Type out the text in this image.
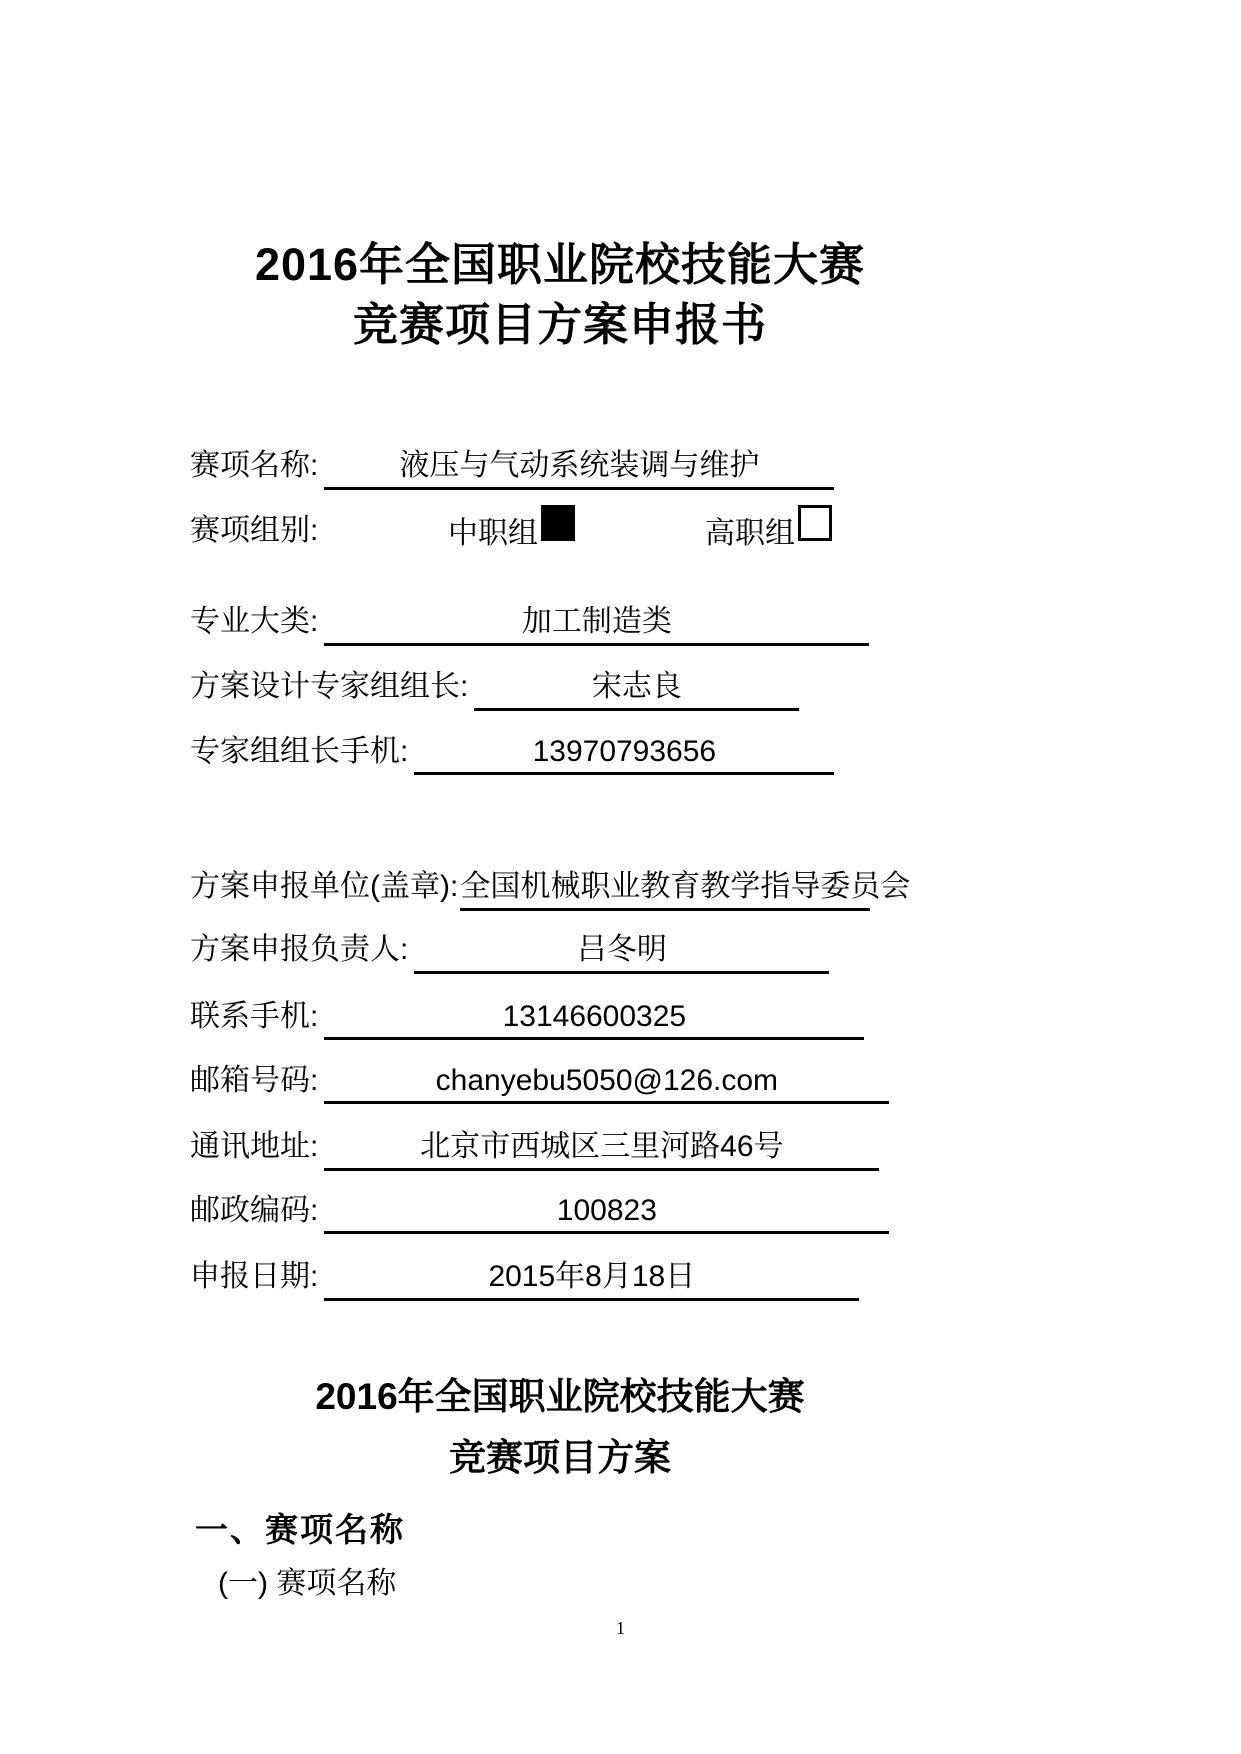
2016年全国职业院校技能大赛
竞赛项目方案申报书
赛项名称:	液压与气动系统装调与维护
赛项组别:	中职组	高职组
专业大类:	加工制造类
方案设计专家组组长:	宋志良
专家组组长手机:	13970793656
方案申报单位(盖章):全国机械职业教育教学指导委员会
方案申报负责人:	吕冬明
联系手机:	13146600325
邮箱号码:	chanyebu5050@126.com
通讯地址:	北京市西城区三里河路46号
邮政编码:	100823
申报日期:	2015年8月18日
2016年全国职业院校技能大赛
竞赛项目方案
一、赛项名称
(一) 赛项名称
1
